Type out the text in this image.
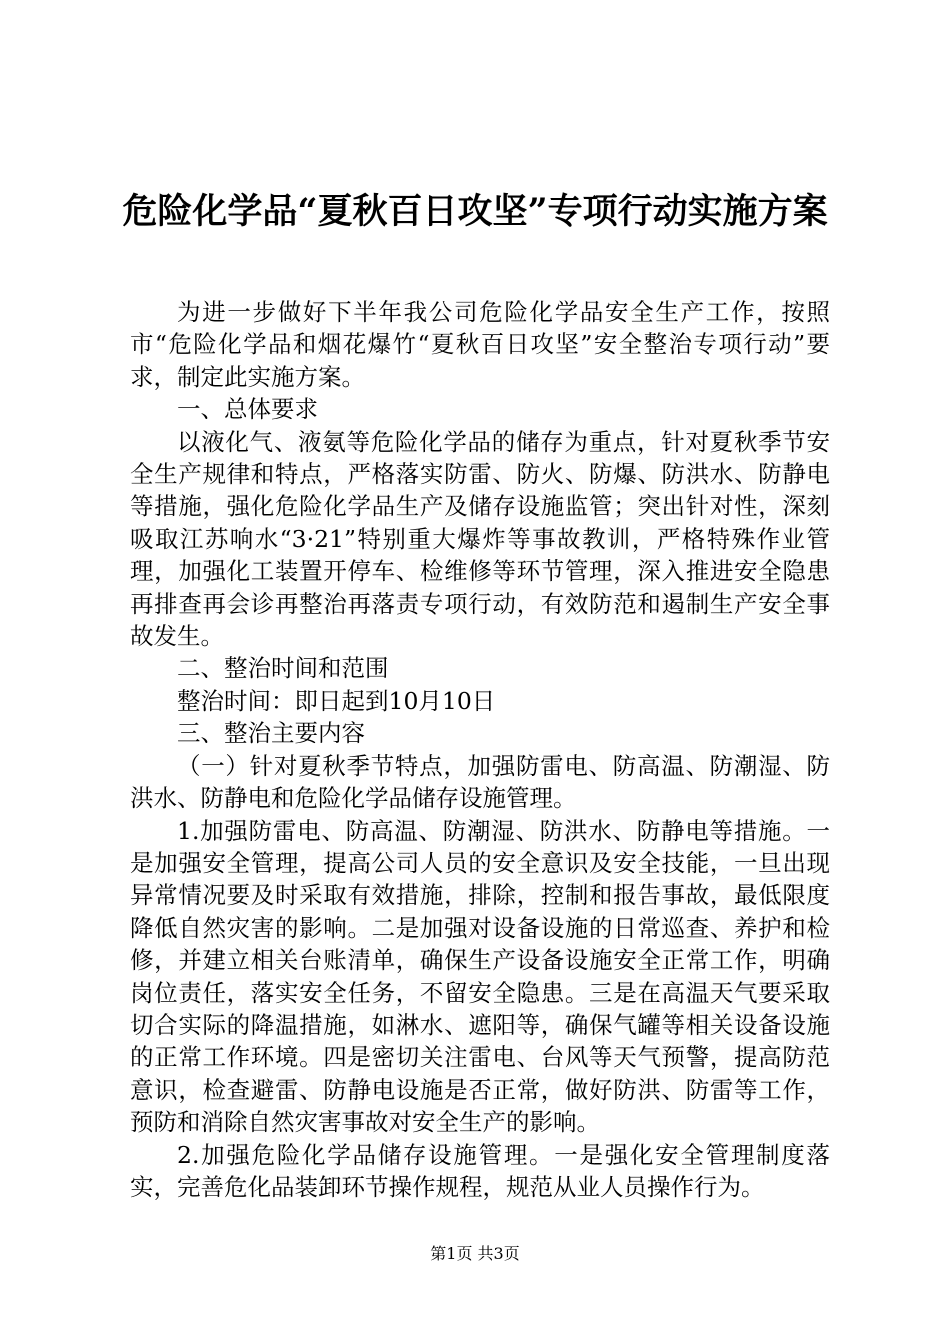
危险化学品“夏秋百日攻坚”专项行动实施方案

为进一步做好下半年我公司危险化学品安全生产工作，按照市“危险化学品和烟花爆竹“夏秋百日攻坚”安全整治专项行动”要求，制定此实施方案。

一、总体要求

以液化气、液氨等危险化学品的储存为重点，针对夏秋季节安全生产规律和特点，严格落实防雷、防火、防爆、防洪水、防静电等措施，强化危险化学品生产及储存设施监管；突出针对性，深刻吸取江苏响水“3·21”特别重大爆炸等事故教训，严格特殊作业管理，加强化工装置开停车、检维修等环节管理，深入推进安全隐患再排查再会诊再整治再落责专项行动，有效防范和遏制生产安全事故发生。

二、整治时间和范围

整治时间：即日起到10月10日

三、整治主要内容

（一）针对夏秋季节特点，加强防雷电、防高温、防潮湿、防洪水、防静电和危险化学品储存设施管理。

1.加强防雷电、防高温、防潮湿、防洪水、防静电等措施。一是加强安全管理，提高公司人员的安全意识及安全技能，一旦出现异常情况要及时采取有效措施，排除，控制和报告事故，最低限度降低自然灾害的影响。二是加强对设备设施的日常巡查、养护和检修，并建立相关台账清单，确保生产设备设施安全正常工作，明确岗位责任，落实安全任务，不留安全隐患。三是在高温天气要采取切合实际的降温措施，如淋水、遮阳等，确保气罐等相关设备设施的正常工作环境。四是密切关注雷电、台风等天气预警，提高防范意识，检查避雷、防静电设施是否正常，做好防洪、防雷等工作，预防和消除自然灾害事故对安全生产的影响。

2.加强危险化学品储存设施管理。一是强化安全管理制度落实，完善危化品装卸环节操作规程，规范从业人员操作行为。

第1页 共3页
